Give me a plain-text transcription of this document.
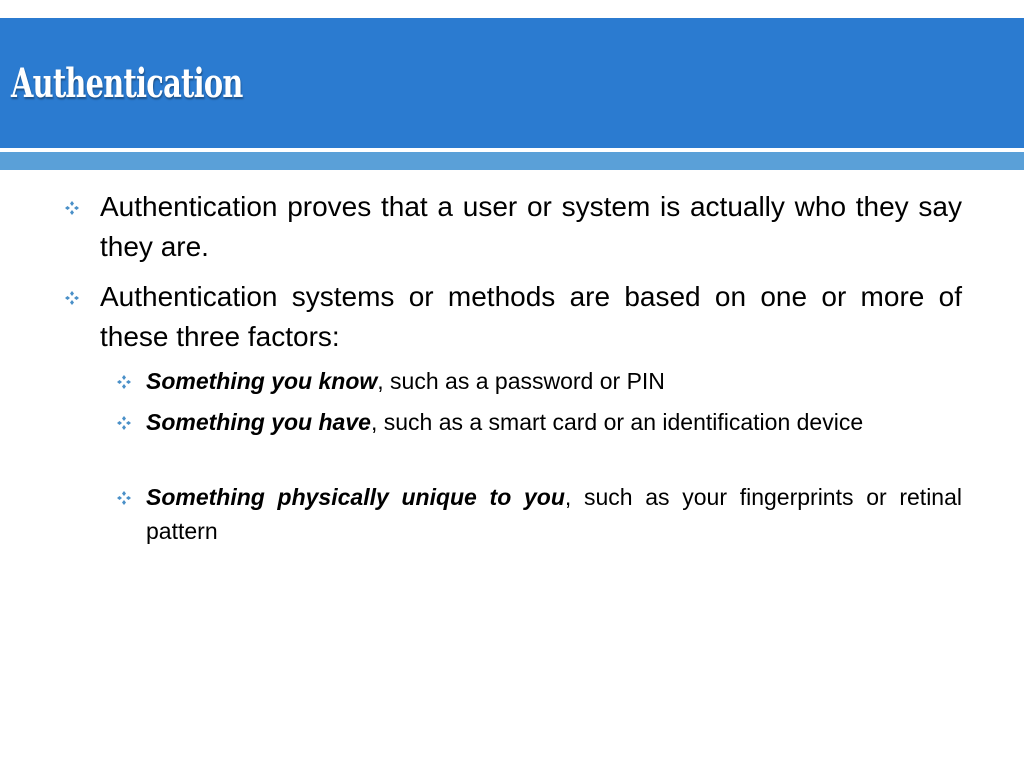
Authentication
Authentication proves that a user or system is actually who they say they are.
Authentication systems or methods are based on one or more of these three factors:
Something you know, such as a password or PIN
Something you have, such as a smart card or an identification device
Something physically unique to you, such as your fingerprints or retinal pattern
